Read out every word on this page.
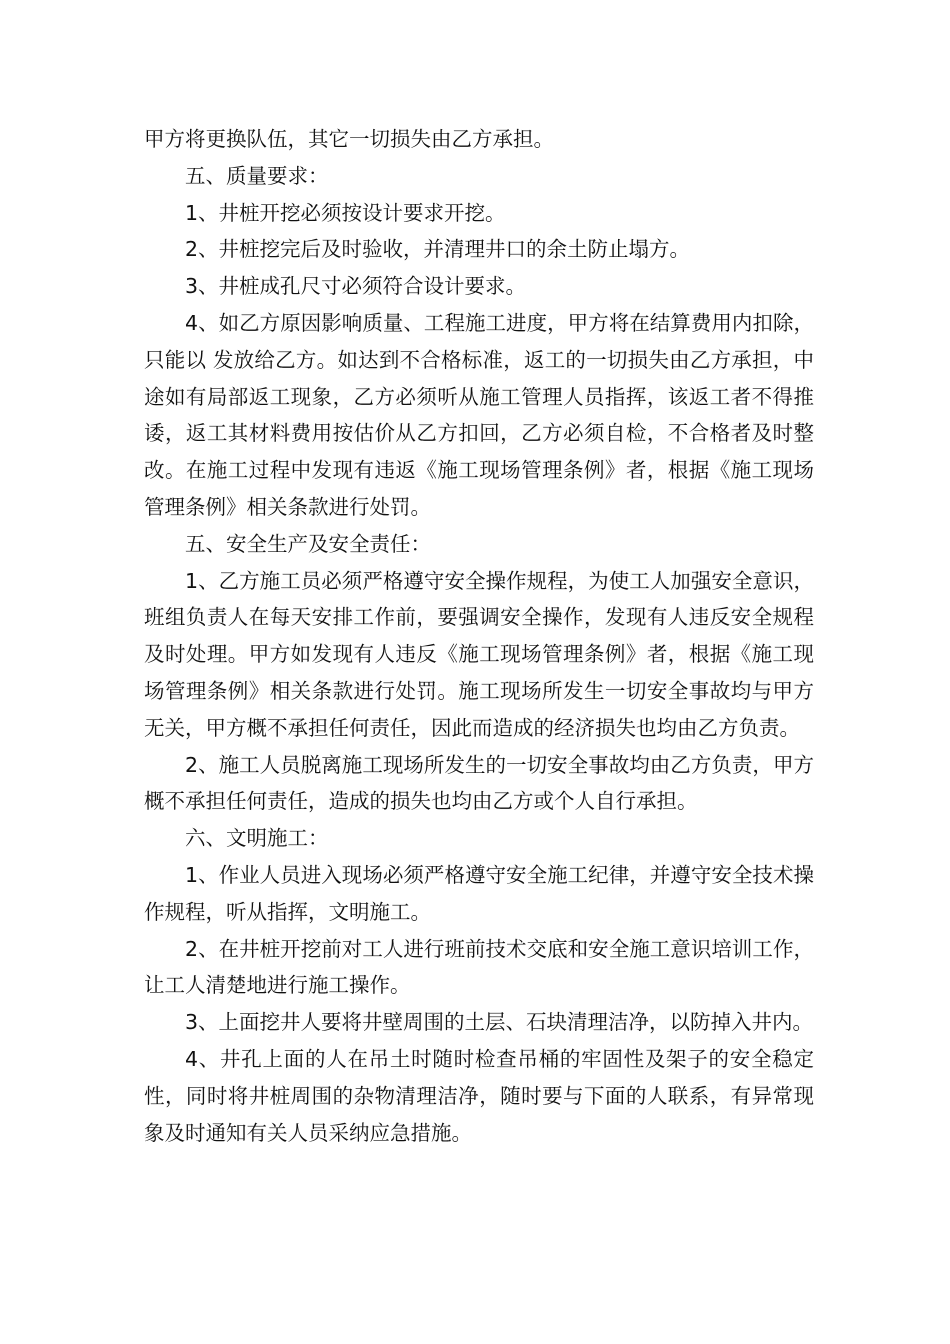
甲方将更换队伍，其它一切损失由乙方承担。

五、质量要求：

1、井桩开挖必须按设计要求开挖。

2、井桩挖完后及时验收，并清理井口的余土防止塌方。

3、井桩成孔尺寸必须符合设计要求。

4、如乙方原因影响质量、工程施工进度，甲方将在结算费用内扣除，只能以 发放给乙方。如达到不合格标准，返工的一切损失由乙方承担，中途如有局部返工现象，乙方必须听从施工管理人员指挥，该返工者不得推诿，返工其材料费用按估价从乙方扣回，乙方必须自检，不合格者及时整改。在施工过程中发现有违返《施工现场管理条例》者，根据《施工现场管理条例》相关条款进行处罚。

五、安全生产及安全责任：

1、乙方施工员必须严格遵守安全操作规程，为使工人加强安全意识，班组负责人在每天安排工作前，要强调安全操作，发现有人违反安全规程及时处理。甲方如发现有人违反《施工现场管理条例》者，根据《施工现场管理条例》相关条款进行处罚。施工现场所发生一切安全事故均与甲方无关，甲方概不承担任何责任，因此而造成的经济损失也均由乙方负责。

2、施工人员脱离施工现场所发生的一切安全事故均由乙方负责，甲方概不承担任何责任，造成的损失也均由乙方或个人自行承担。

六、文明施工：

1、作业人员进入现场必须严格遵守安全施工纪律，并遵守安全技术操作规程，听从指挥，文明施工。

2、在井桩开挖前对工人进行班前技术交底和安全施工意识培训工作，让工人清楚地进行施工操作。

3、上面挖井人要将井壁周围的土层、石块清理洁净，以防掉入井内。

4、井孔上面的人在吊土时随时检查吊桶的牢固性及架子的安全稳定性，同时将井桩周围的杂物清理洁净，随时要与下面的人联系，有异常现象及时通知有关人员采纳应急措施。
